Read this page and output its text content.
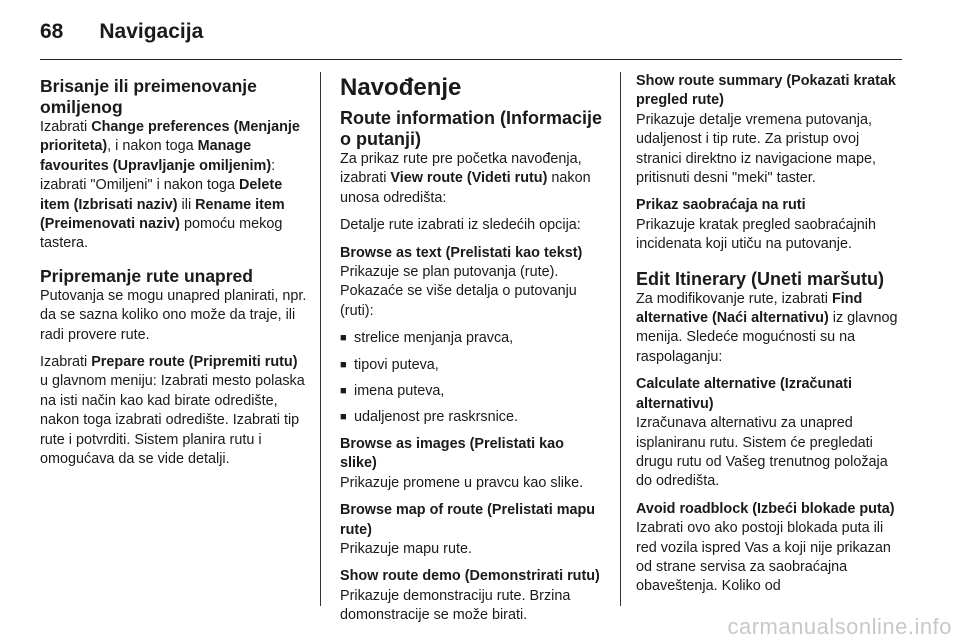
68 Navigacija
Brisanje ili preimenovanje omiljenog

Izabrati Change preferences (Menjanje prioriteta), i nakon toga Manage favourites (Upravljanje omiljenim): izabrati "Omiljeni" i nakon toga Delete item (Izbrisati naziv) ili Rename item (Preimenovati naziv) pomoću mekog tastera.

Pripremanje rute unapred

Putovanja se mogu unapred planirati, npr. da se sazna koliko ono može da traje, ili radi provere rute.

Izabrati Prepare route (Pripremiti rutu) u glavnom meniju: Izabrati mesto polaska na isti način kao kad birate odredište, nakon toga izabrati odredište. Izabrati tip rute i potvrditi. Sistem planira rutu i omogućava da se vide detalji.

Navođenje
Route information (Informacije o putanji)

Za prikaz rute pre početka navođenja, izabrati View route (Videti rutu) nakon unosa odredišta:

Detalje rute izabrati iz sledećih opcija:

Browse as text (Prelistati kao tekst)
Prikazuje se plan putovanja (rute). Pokazaće se više detalja o putovanju (ruti):

■ strelice menjanja pravca,
■ tipovi puteva,
■ imena puteva,
■ udaljenost pre raskrsnice.

Browse as images (Prelistati kao slike)
Prikazuje promene u pravcu kao slike.

Browse map of route (Prelistati mapu rute)
Prikazuje mapu rute.

Show route demo (Demonstrirati rutu)
Prikazuje demonstraciju rute. Brzina domonstracije se može birati.

Show route summary (Pokazati kratak pregled rute)
Prikazuje detalje vremena putovanja, udaljenost i tip rute. Za pristup ovoj stranici direktno iz navigacione mape, pritisnuti desni "meki" taster.

Prikaz saobraćaja na ruti
Prikazuje kratak pregled saobraćajnih incidenata koji utiču na putovanje.

Edit Itinerary (Uneti maršutu)

Za modifikovanje rute, izabrati Find alternative (Naći alternativu) iz glavnog menija. Sledeće mogućnosti su na raspolaganju:

Calculate alternative (Izračunati alternativu)
Izračunava alternativu za unapred isplaniranu rutu. Sistem će pregledati drugu rutu od Vašeg trenutnog položaja do odredišta.

Avoid roadblock (Izbeći blokade puta)
Izabrati ovo ako postoji blokada puta ili red vozila ispred Vas a koji nije prikazan od strane servisa za saobraćajna obaveštenja. Koliko od

carmanualsonline.info
